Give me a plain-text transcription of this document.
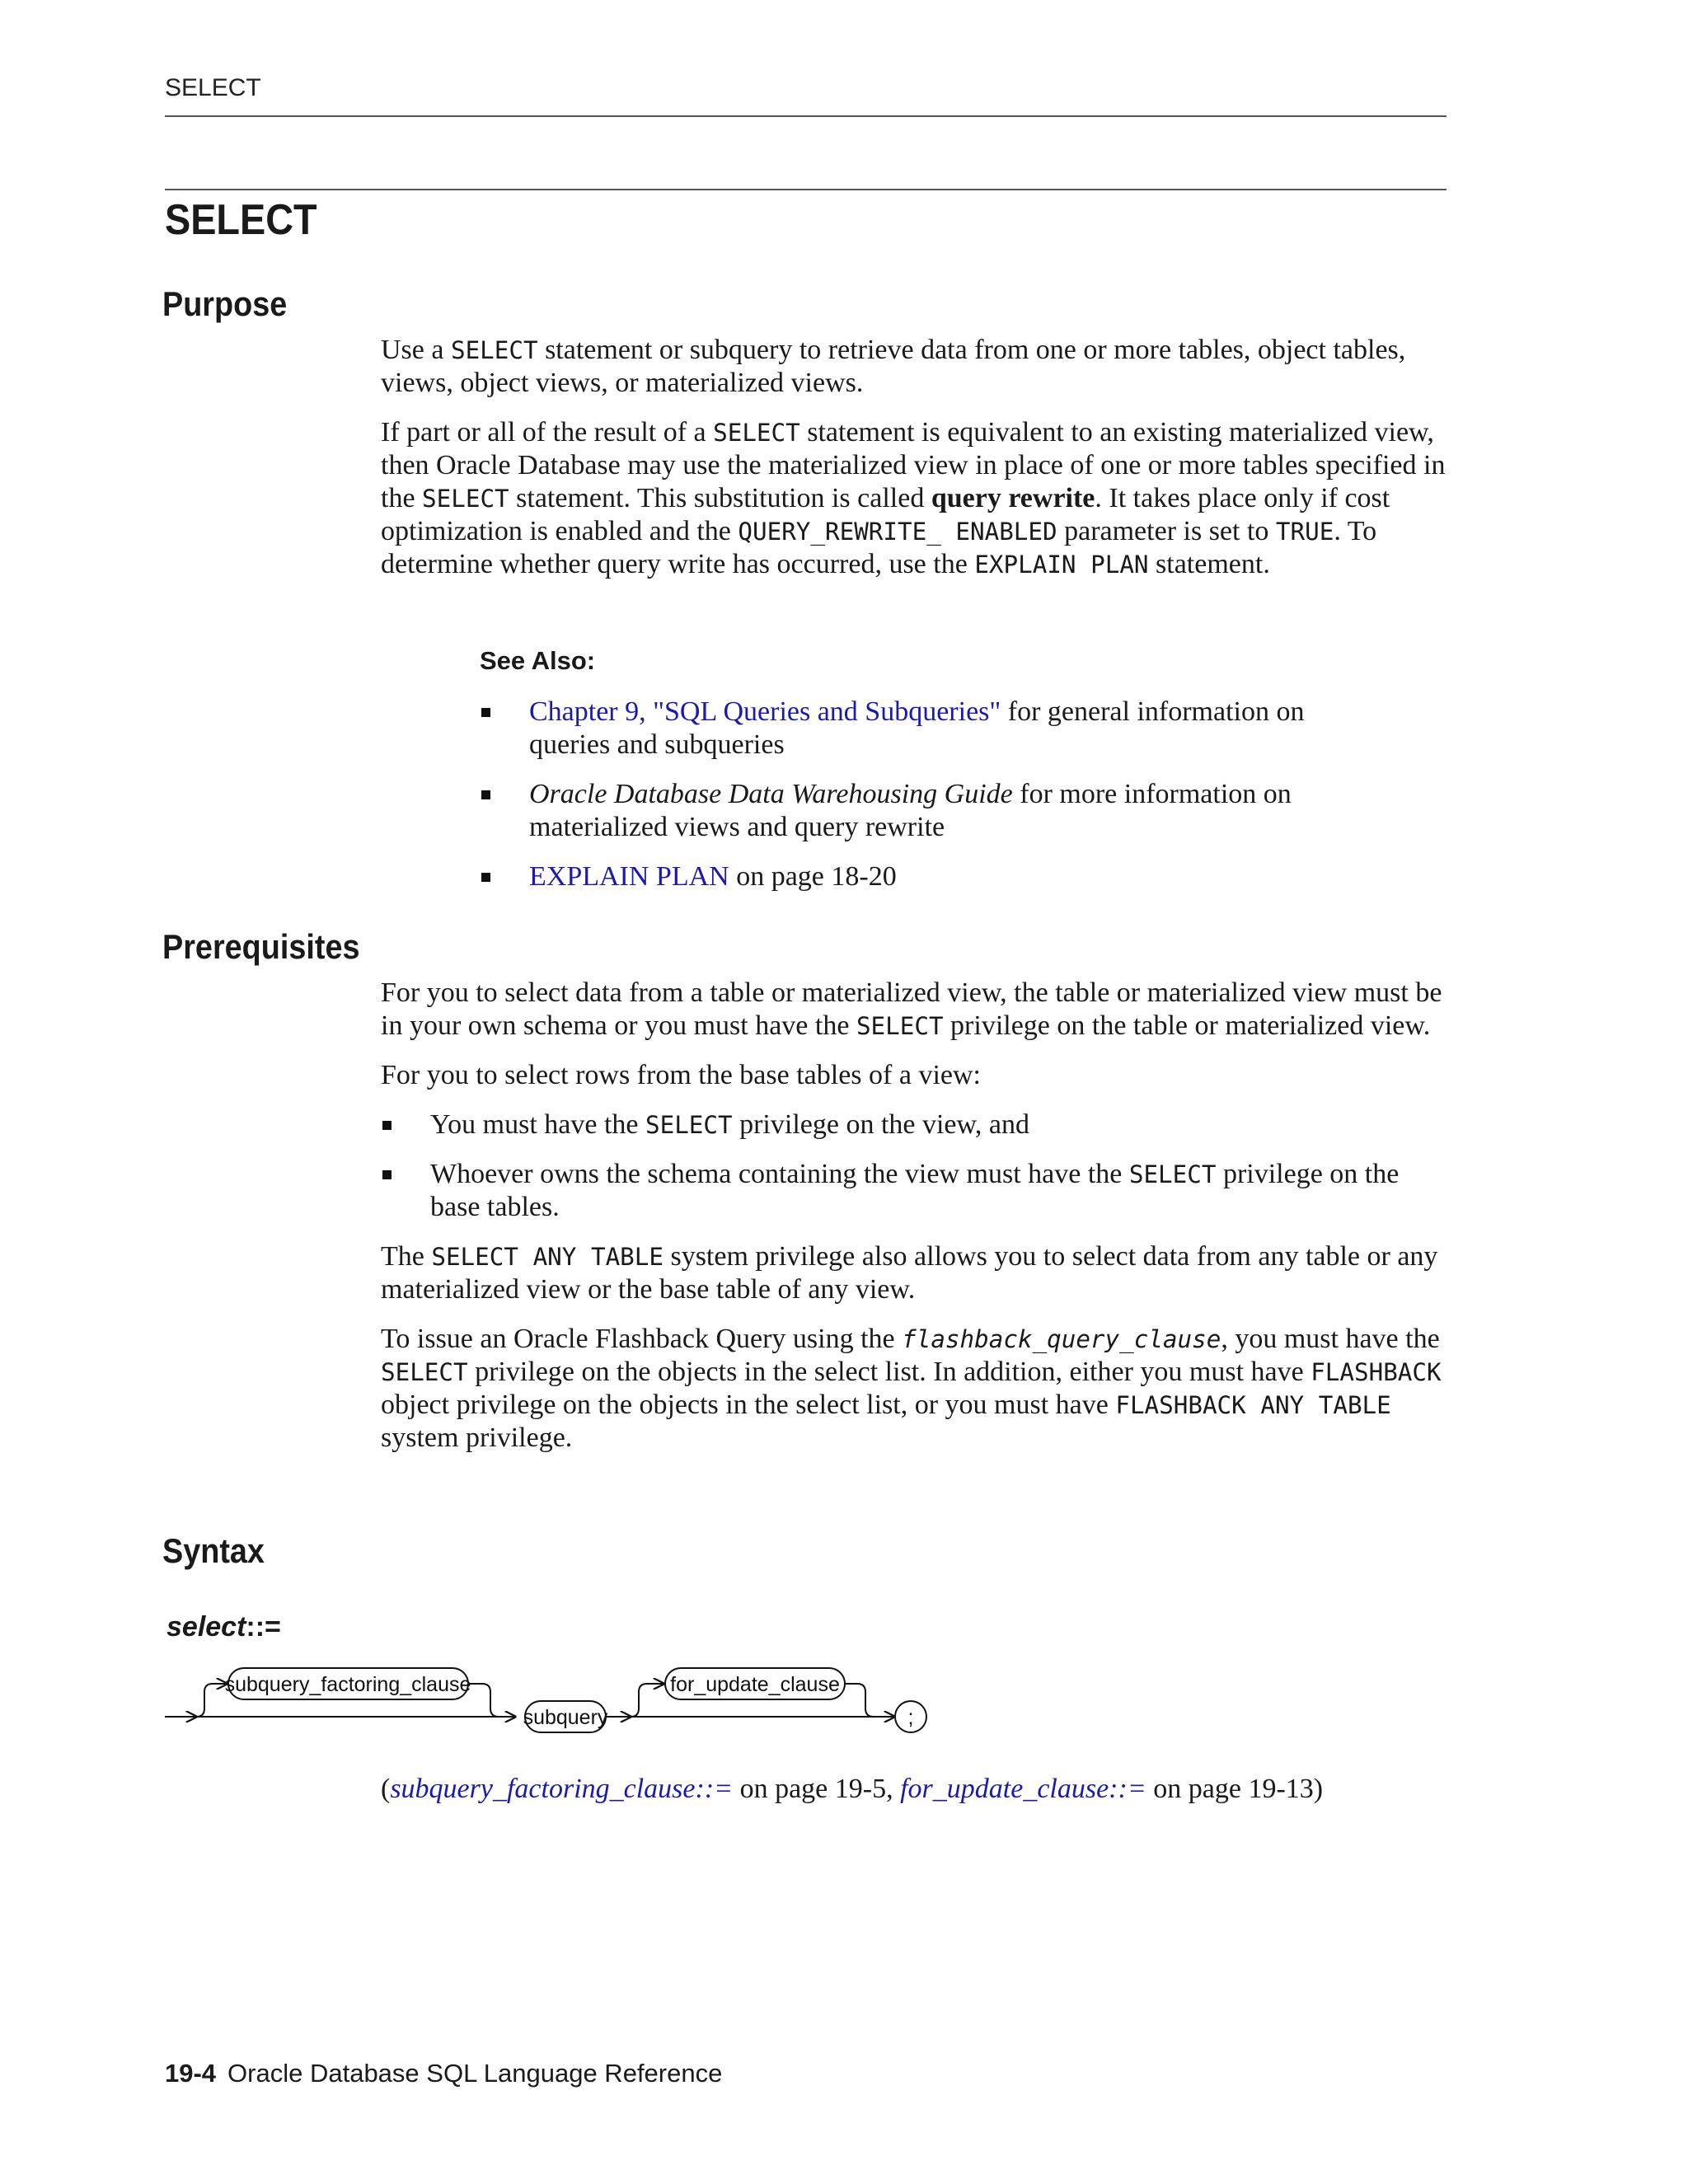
SELECT
SELECT
Purpose

Use a SELECT statement or subquery to retrieve data from one or more tables, object tables, views, object views, or materialized views.

If part or all of the result of a SELECT statement is equivalent to an existing materialized view, then Oracle Database may use the materialized view in place of one or more tables specified in the SELECT statement. This substitution is called query rewrite. It takes place only if cost optimization is enabled and the QUERY_REWRITE_ ENABLED parameter is set to TRUE. To determine whether query write has occurred, use the EXPLAIN PLAN statement.

See Also:
Chapter 9, "SQL Queries and Subqueries" for general information on queries and subqueries
Oracle Database Data Warehousing Guide for more information on materialized views and query rewrite
EXPLAIN PLAN on page 18-20
Prerequisites

For you to select data from a table or materialized view, the table or materialized view must be in your own schema or you must have the SELECT privilege on the table or materialized view.

For you to select rows from the base tables of a view:

You must have the SELECT privilege on the view, and
Whoever owns the schema containing the view must have the SELECT privilege on the base tables.

The SELECT ANY TABLE system privilege also allows you to select data from any table or any materialized view or the base table of any view.

To issue an Oracle Flashback Query using the flashback_query_clause, you must have the SELECT privilege on the objects in the select list. In addition, either you must have FLASHBACK object privilege on the objects in the select list, or you must have FLASHBACK ANY TABLE system privilege.

Syntax
select::=
subquery_factoring_clause
subquery
for_update_clause
;
(subquery_factoring_clause::= on page 19-5, for_update_clause::= on page 19-13)
19-4 Oracle Database SQL Language Reference
